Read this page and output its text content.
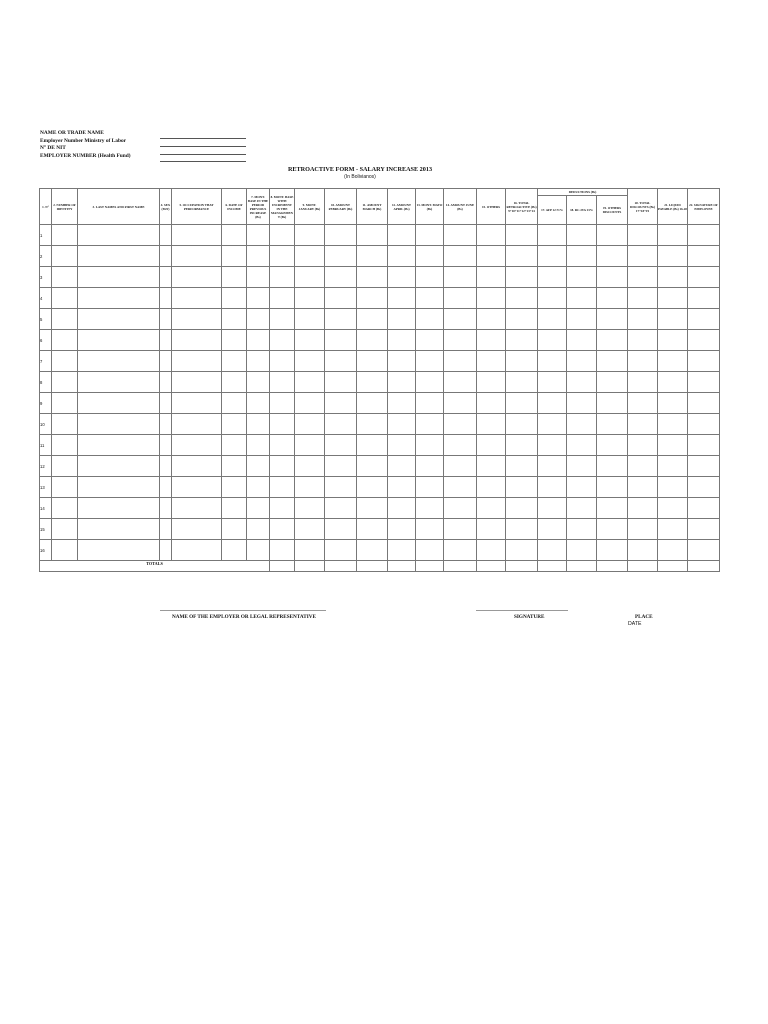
NAME OR TRADE NAME
Employer Number Ministry of Labor
N° DE NIT
EMPLOYER NUMBER (Health Fund)
RETROACTIVE FORM - SALARY INCREASE 2013
(In Bolivianos)
1. N°	2. NUMBER OF IDENTITY	3. LAST NAMES AND FIRST NAME	4. SEX (M/F)	5. OCCUPATION THAT PERFORMANCE	6. DATE OF INCOME	7. MONT. BASE IN THE PERIOD PREVIOUS INCREASE (Bs)	8. MONT. BASE WITH INCREMENT IN THE MANAGEMENT (Bs)	9. MONT. JANUARY (Bs)	10. AMOUNT FEBRUARY (Bs)	11. AMOUNT MARCH (Bs)	12. AMOUNT APRIL (Bs)	13. MONT. MAYO (Bs)	14. AMOUNT JUNE (Bs)	15. OTHERS	16. TOTAL RETROACTIVE (Bs) 9+10+11+12+13+14	DEDUCTIONS (Bs)			20. TOTAL DISCOUNTS (Bs) 17+18+19	21. LIQUID PAYABLE (Bs) 16-20	22. SIGNATURE OF EMPLOYEE
																17. AFP 12.71%	18. RC-IVA 13%	19. OTHERS DISCOUNTS			
1																					
2																					
3																					
4																					
5																					
6																					
7																					
8																					
9																					
10																					
11																					
12																					
13																					
14																					
15																					
16																					
TOTALS																					
NAME OF THE EMPLOYER OR LEGAL REPRESENTATIVE	SIGNATURE	PLACE
DATE
